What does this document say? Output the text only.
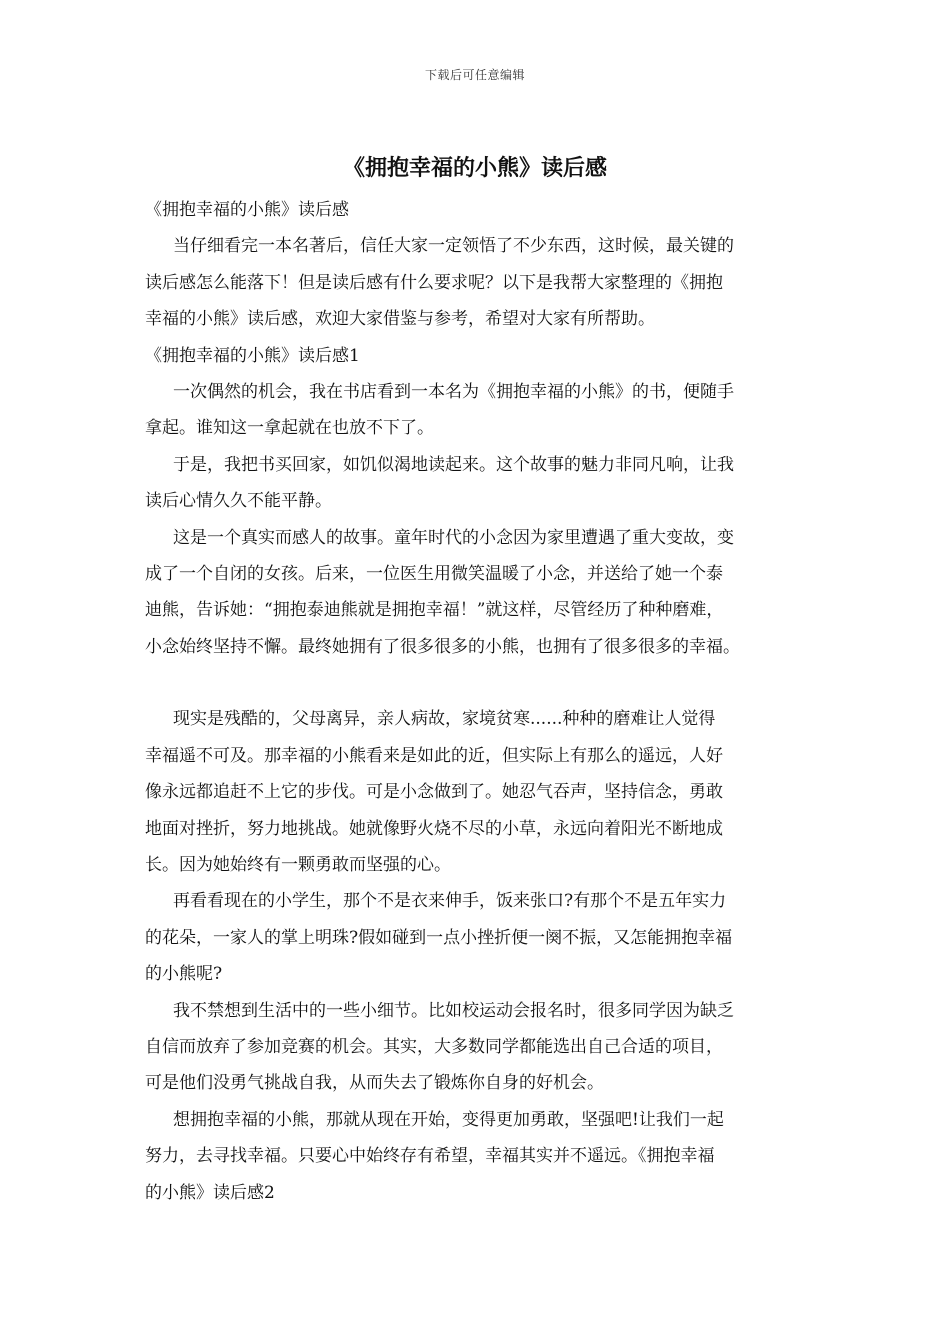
下载后可任意编辑
《拥抱幸福的小熊》读后感
《拥抱幸福的小熊》读后感
当仔细看完一本名著后，信任大家一定领悟了不少东西，这时候，最关键的
读后感怎么能落下！但是读后感有什么要求呢？以下是我帮大家整理的《拥抱
幸福的小熊》读后感，欢迎大家借鉴与参考，希望对大家有所帮助。
《拥抱幸福的小熊》读后感1
一次偶然的机会，我在书店看到一本名为《拥抱幸福的小熊》的书，便随手
拿起。谁知这一拿起就在也放不下了。
于是，我把书买回家，如饥似渴地读起来。这个故事的魅力非同凡响，让我
读后心情久久不能平静。
这是一个真实而感人的故事。童年时代的小念因为家里遭遇了重大变故，变
成了一个自闭的女孩。后来，一位医生用微笑温暖了小念，并送给了她一个泰
迪熊，告诉她：“拥抱泰迪熊就是拥抱幸福！”就这样，尽管经历了种种磨难，
小念始终坚持不懈。最终她拥有了很多很多的小熊，也拥有了很多很多的幸福。
现实是残酷的，父母离异，亲人病故，家境贫寒......种种的磨难让人觉得
幸福遥不可及。那幸福的小熊看来是如此的近，但实际上有那么的遥远，人好
像永远都追赶不上它的步伐。可是小念做到了。她忍气吞声，坚持信念，勇敢
地面对挫折，努力地挑战。她就像野火烧不尽的小草，永远向着阳光不断地成
长。因为她始终有一颗勇敢而坚强的心。
再看看现在的小学生，那个不是衣来伸手，饭来张口?有那个不是五年实力
的花朵，一家人的掌上明珠?假如碰到一点小挫折便一阕不振，又怎能拥抱幸福
的小熊呢?
我不禁想到生活中的一些小细节。比如校运动会报名时，很多同学因为缺乏
自信而放弃了参加竞赛的机会。其实，大多数同学都能选出自己合适的项目，
可是他们没勇气挑战自我，从而失去了锻炼你自身的好机会。
想拥抱幸福的小熊，那就从现在开始，变得更加勇敢，坚强吧!让我们一起
努力，去寻找幸福。只要心中始终存有希望，幸福其实并不遥远。《拥抱幸福
的小熊》读后感2
